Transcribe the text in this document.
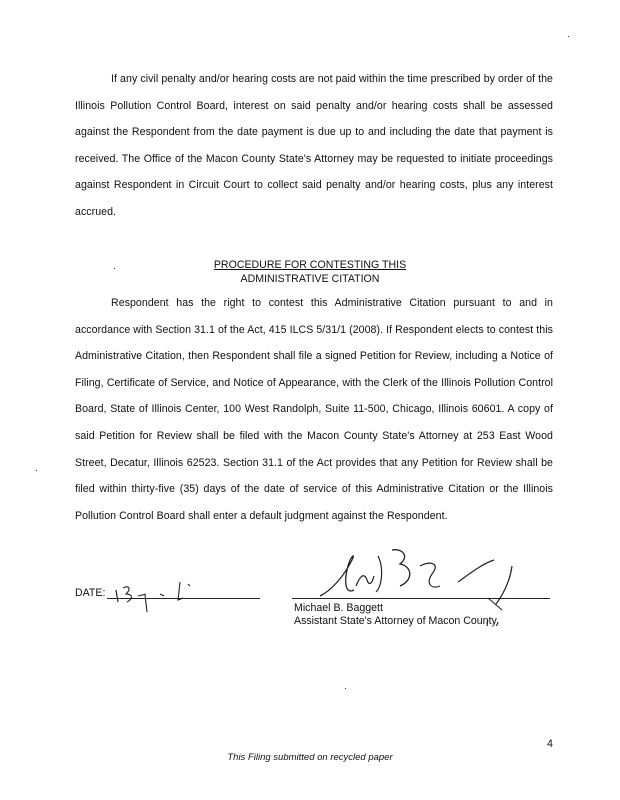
If any civil penalty and/or hearing costs are not paid within the time prescribed by order of the Illinois Pollution Control Board, interest on said penalty and/or hearing costs shall be assessed against the Respondent from the date payment is due up to and including the date that payment is received. The Office of the Macon County State's Attorney may be requested to initiate proceedings against Respondent in Circuit Court to collect said penalty and/or hearing costs, plus any interest accrued.

PROCEDURE FOR CONTESTING THIS
ADMINISTRATIVE CITATION

Respondent has the right to contest this Administrative Citation pursuant to and in accordance with Section 31.1 of the Act, 415 ILCS 5/31/1 (2008). If Respondent elects to contest this Administrative Citation, then Respondent shall file a signed Petition for Review, including a Notice of Filing, Certificate of Service, and Notice of Appearance, with the Clerk of the Illinois Pollution Control Board, State of Illinois Center, 100 West Randolph, Suite 11-500, Chicago, Illinois 60601. A copy of said Petition for Review shall be filed with the Macon County State's Attorney at 253 East Wood Street, Decatur, Illinois 62523. Section 31.1 of the Act provides that any Petition for Review shall be filed within thirty-five (35) days of the date of service of this Administrative Citation or the Illinois Pollution Control Board shall enter a default judgment against the Respondent.

DATE:
Michael B. Baggett
Assistant State's Attorney of Macon County
4
This Filing submitted on recycled paper
